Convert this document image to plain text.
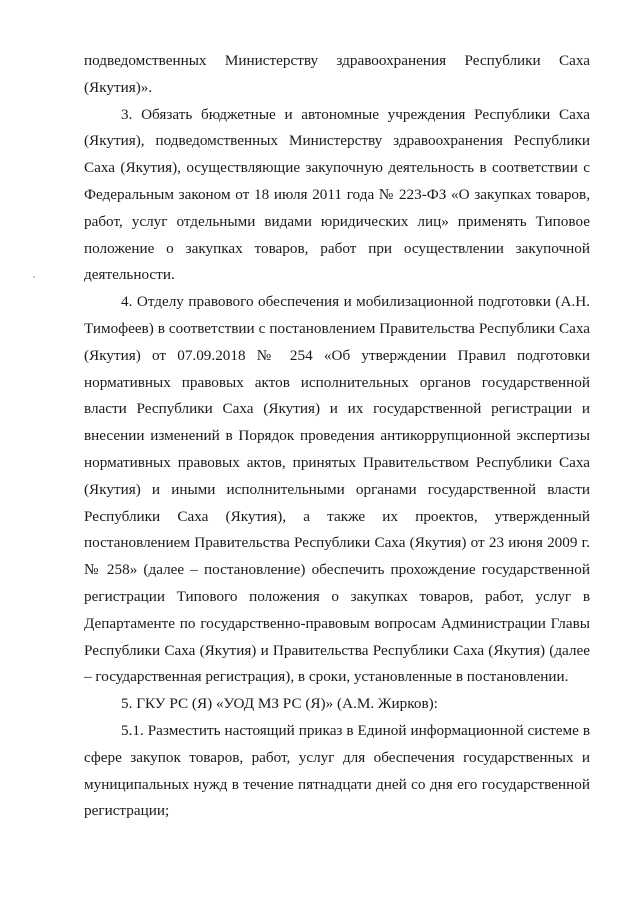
подведомственных Министерству здравоохранения Республики Саха (Якутия)».

3. Обязать бюджетные и автономные учреждения Республики Саха (Якутия), подведомственных Министерству здравоохранения Республики Саха (Якутия), осуществляющие закупочную деятельность в соответствии с Федеральным законом от 18 июля 2011 года № 223-ФЗ «О закупках товаров, работ, услуг отдельными видами юридических лиц» применять Типовое положение о закупках товаров, работ при осуществлении закупочной деятельности.

4. Отделу правового обеспечения и мобилизационной подготовки (А.Н. Тимофеев) в соответствии с постановлением Правительства Республики Саха (Якутия) от 07.09.2018 № 254 «Об утверждении Правил подготовки нормативных правовых актов исполнительных органов государственной власти Республики Саха (Якутия) и их государственной регистрации и внесении изменений в Порядок проведения антикоррупционной экспертизы нормативных правовых актов, принятых Правительством Республики Саха (Якутия) и иными исполнительными органами государственной власти Республики Саха (Якутия), а также их проектов, утвержденный постановлением Правительства Республики Саха (Якутия) от 23 июня 2009 г. № 258» (далее – постановление) обеспечить прохождение государственной регистрации Типового положения о закупках товаров, работ, услуг в Департаменте по государственно-правовым вопросам Администрации Главы Республики Саха (Якутия) и Правительства Республики Саха (Якутия) (далее – государственная регистрация), в сроки, установленные в постановлении.

5. ГКУ РС (Я) «УОД МЗ РС (Я)» (А.М. Жирков):

5.1. Разместить настоящий приказ в Единой информационной системе в сфере закупок товаров, работ, услуг для обеспечения государственных и муниципальных нужд в течение пятнадцати дней со дня его государственной регистрации;
